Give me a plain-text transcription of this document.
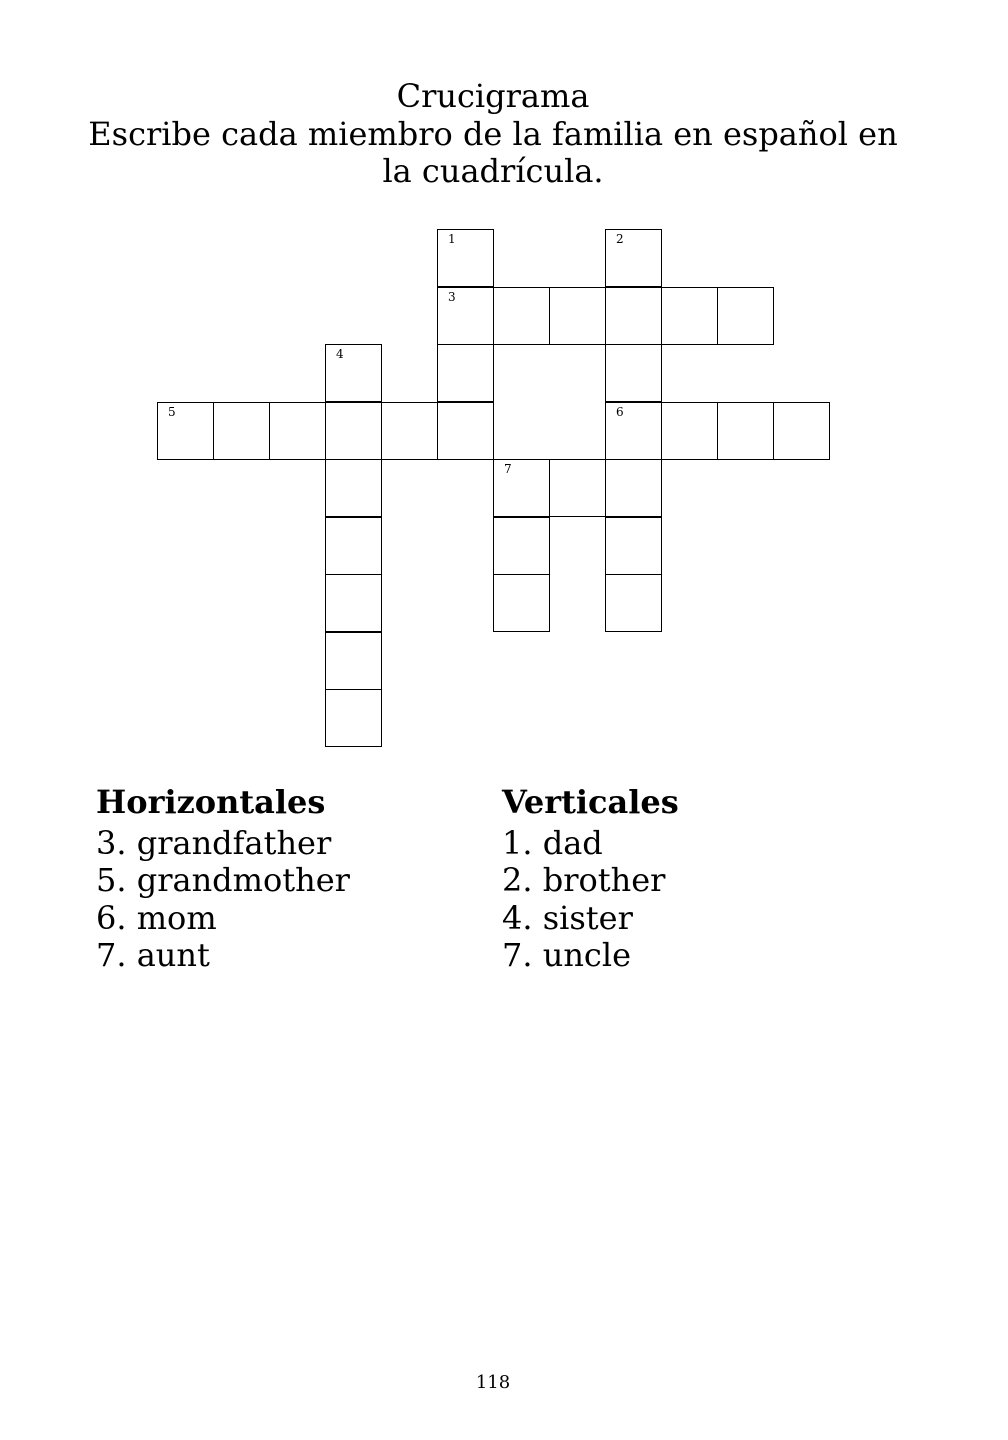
Crucigrama
Escribe cada miembro de la familia en español en
la cuadrícula.
1	2
3
4
5	6
7
Horizontales
3. grandfather
5. grandmother
6. mom
7. aunt
Verticales
1. dad
2. brother
4. sister
7. uncle
118
